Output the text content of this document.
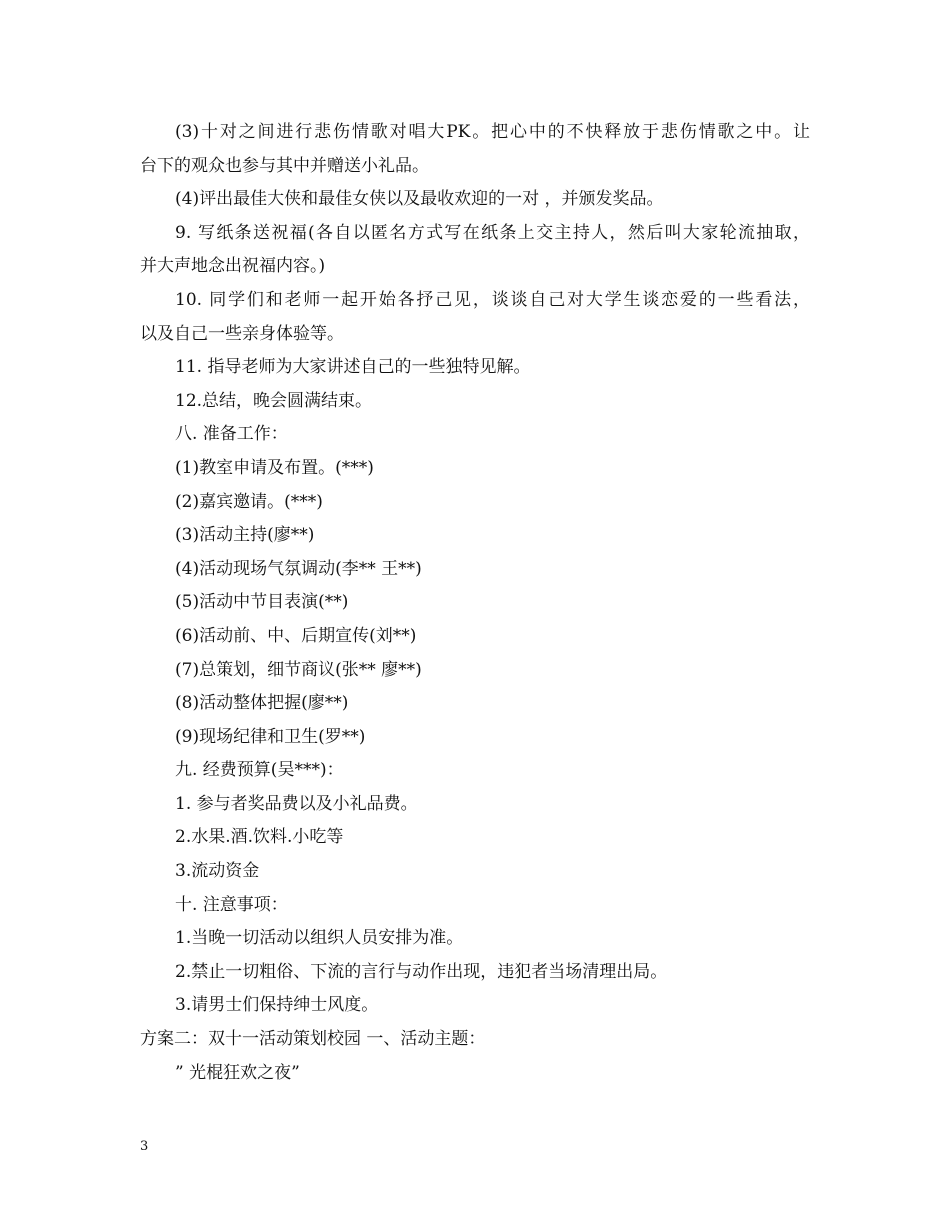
(3)十对之间进行悲伤情歌对唱大PK。把心中的不快释放于悲伤情歌之中。让
台下的观众也参与其中并赠送小礼品。
(4)评出最佳大侠和最佳女侠以及最收欢迎的一对 ，并颁发奖品。
9. 写纸条送祝福(各自以匿名方式写在纸条上交主持人，然后叫大家轮流抽取，
并大声地念出祝福内容。)
10. 同学们和老师一起开始各抒己见，谈谈自己对大学生谈恋爱的一些看法，
以及自己一些亲身体验等。
11. 指导老师为大家讲述自己的一些独特见解。
12.总结，晚会圆满结束。
八. 准备工作：
(1)教室申请及布置。(***)
(2)嘉宾邀请。(***)
(3)活动主持(廖**)
(4)活动现场气氛调动(李** 王**)
(5)活动中节目表演(**)
(6)活动前、中、后期宣传(刘**)
(7)总策划，细节商议(张** 廖**)
(8)活动整体把握(廖**)
(9)现场纪律和卫生(罗**)
九. 经费预算(吴***)：
1. 参与者奖品费以及小礼品费。
2.水果.酒.饮料.小吃等
3.流动资金
十. 注意事项：
1.当晚一切活动以组织人员安排为准。
2.禁止一切粗俗、下流的言行与动作出现，违犯者当场清理出局。
3.请男士们保持绅士风度。
方案二：双十一活动策划校园 一、活动主题：
” 光棍狂欢之夜”
3
